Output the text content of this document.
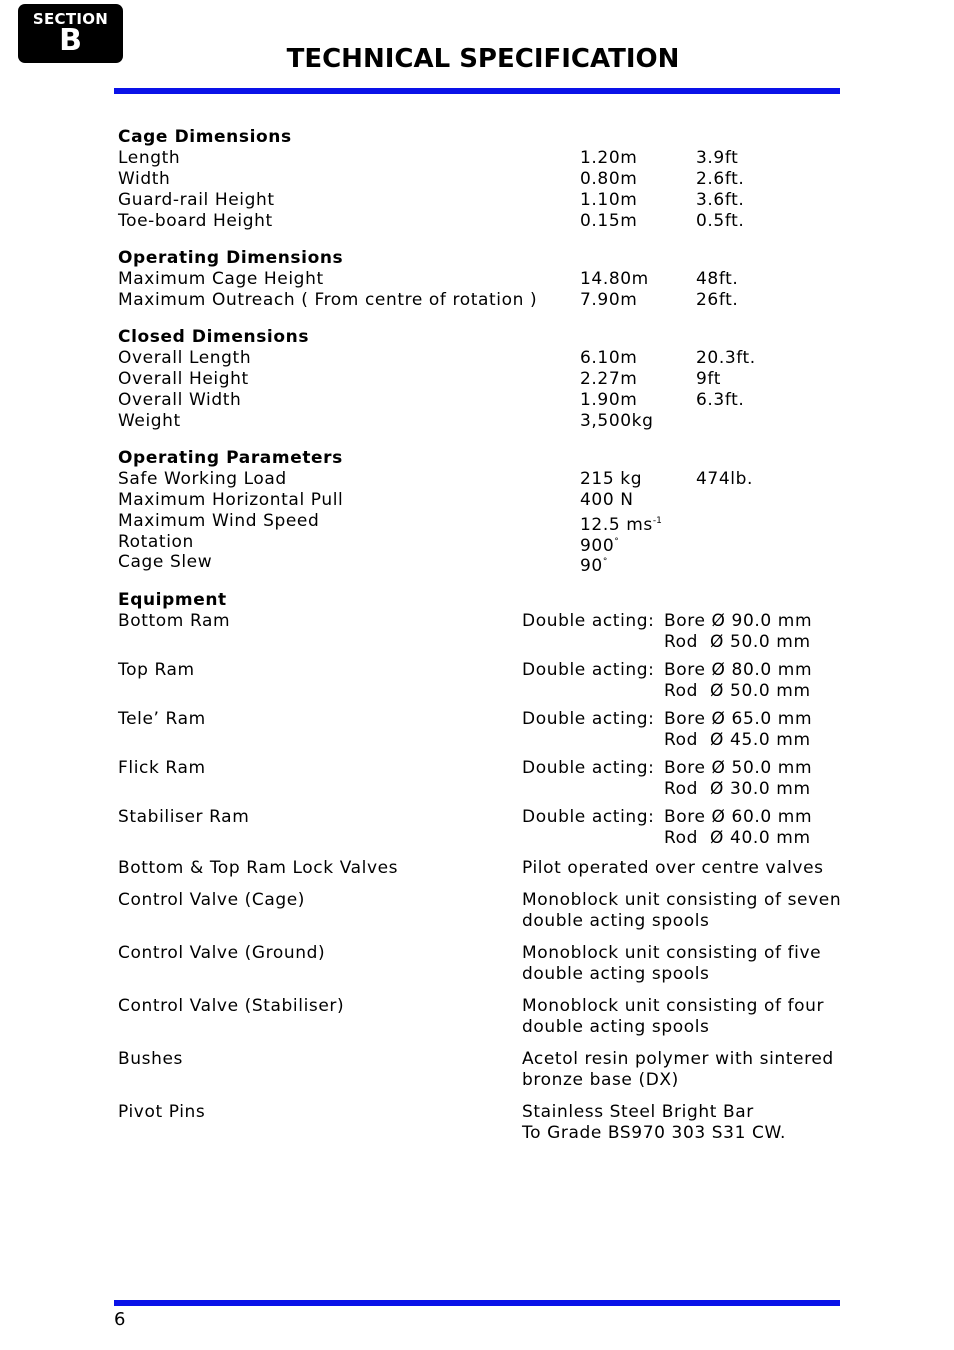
SECTION
B
TECHNICAL SPECIFICATION
Cage Dimensions
Length	1.20m	3.9ft
Width	0.80m	2.6ft.
Guard-rail Height	1.10m	3.6ft.
Toe-board Height	0.15m	0.5ft.
Operating Dimensions
Maximum Cage Height	14.80m	48ft.
Maximum Outreach ( From centre of rotation )	7.90m	26ft.
Closed Dimensions
Overall Length	6.10m	20.3ft.
Overall Height	2.27m	9ft
Overall Width	1.90m	6.3ft.
Weight	3,500kg
Operating Parameters
Safe Working Load	215 kg	474lb.
Maximum Horizontal Pull	400 N
Maximum Wind Speed	12.5 $ms^{-1}$
Rotation	900°
Cage Slew	90°
Equipment
Bottom Ram	Double acting: Bore Ø 90.0 mm
Rod  Ø 50.0 mm
Top Ram	Double acting: Bore Ø 80.0 mm
Rod  Ø 50.0 mm
Tele’ Ram	Double acting: Bore Ø 65.0 mm
Rod  Ø 45.0 mm
Flick Ram	Double acting: Bore Ø 50.0 mm
Rod  Ø 30.0 mm
Stabiliser Ram	Double acting: Bore Ø 60.0 mm
Rod  Ø 40.0 mm
Bottom & Top Ram Lock Valves	Pilot operated over centre valves
Control Valve (Cage)	Monoblock unit consisting of seven
double acting spools
Control Valve (Ground)	Monoblock unit consisting of five
double acting spools
Control Valve (Stabiliser)	Monoblock unit consisting of four
double acting spools
Bushes	Acetol resin polymer with sintered
bronze base (DX)
Pivot Pins	Stainless Steel Bright Bar
To Grade BS970 303 S31 CW.
6
